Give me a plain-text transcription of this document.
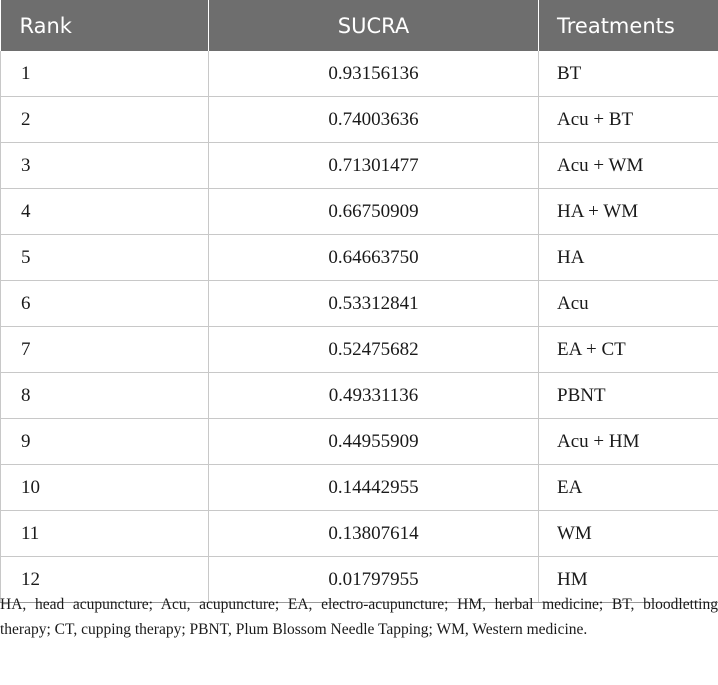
Rank	SUCRA	Treatments
1	0.93156136	BT
2	0.74003636	Acu + BT
3	0.71301477	Acu + WM
4	0.66750909	HA + WM
5	0.64663750	HA
6	0.53312841	Acu
7	0.52475682	EA + CT
8	0.49331136	PBNT
9	0.44955909	Acu + HM
10	0.14442955	EA
11	0.13807614	WM
12	0.01797955	HM

HA, head acupuncture; Acu, acupuncture; EA, electro-acupuncture; HM, herbal medicine; BT, bloodletting therapy; CT, cupping therapy; PBNT, Plum Blossom Needle Tapping; WM, Western medicine.
